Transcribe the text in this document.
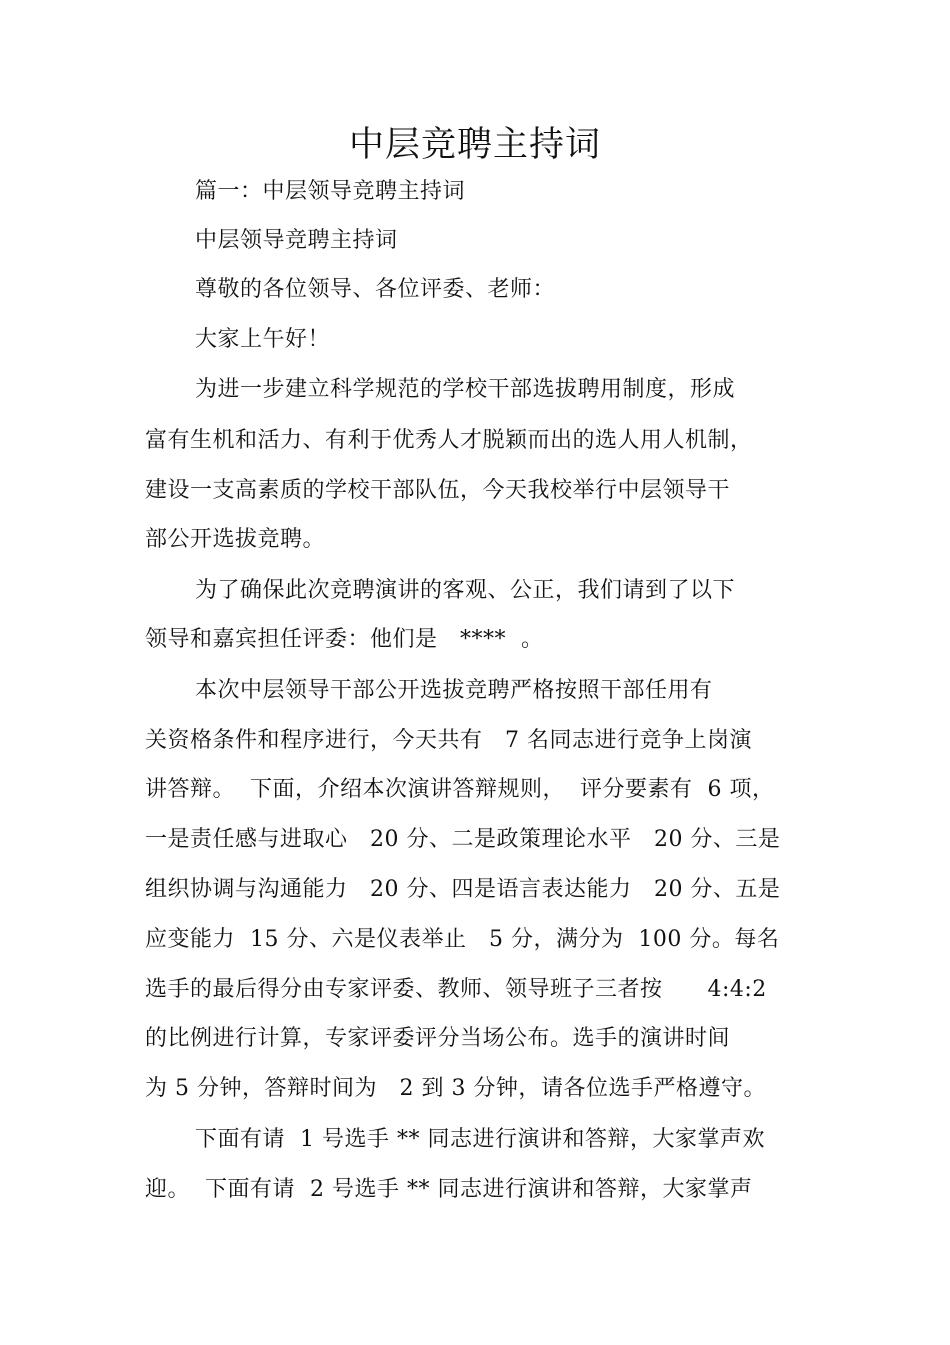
中层竞聘主持词
篇一：中层领导竞聘主持词
中层领导竞聘主持词
尊敬的各位领导、各位评委、老师：
大家上午好！
为进一步建立科学规范的学校干部选拔聘用制度，形成
富有生机和活力、有利于优秀人才脱颖而出的选人用人机制，
建设一支高素质的学校干部队伍，今天我校举行中层领导干
部公开选拔竞聘。
为了确保此次竞聘演讲的客观、公正，我们请到了以下
领导和嘉宾担任评委：他们是   ****  。
本次中层领导干部公开选拔竞聘严格按照干部任用有
关资格条件和程序进行，今天共有   7 名同志进行竞争上岗演
讲答辩。  下面，介绍本次演讲答辩规则，  评分要素有  6 项，
一是责任感与进取心   20 分、二是政策理论水平   20 分、三是
组织协调与沟通能力   20 分、四是语言表达能力   20 分、五是
应变能力  15 分、六是仪表举止   5 分，满分为  100 分。每名
选手的最后得分由专家评委、教师、领导班子三者按      4:4:2
的比例进行计算，专家评委评分当场公布。选手的演讲时间
为 5 分钟，答辩时间为   2 到 3 分钟，请各位选手严格遵守。
下面有请  1 号选手 ** 同志进行演讲和答辩，大家掌声欢
迎。  下面有请  2 号选手 ** 同志进行演讲和答辩，大家掌声
